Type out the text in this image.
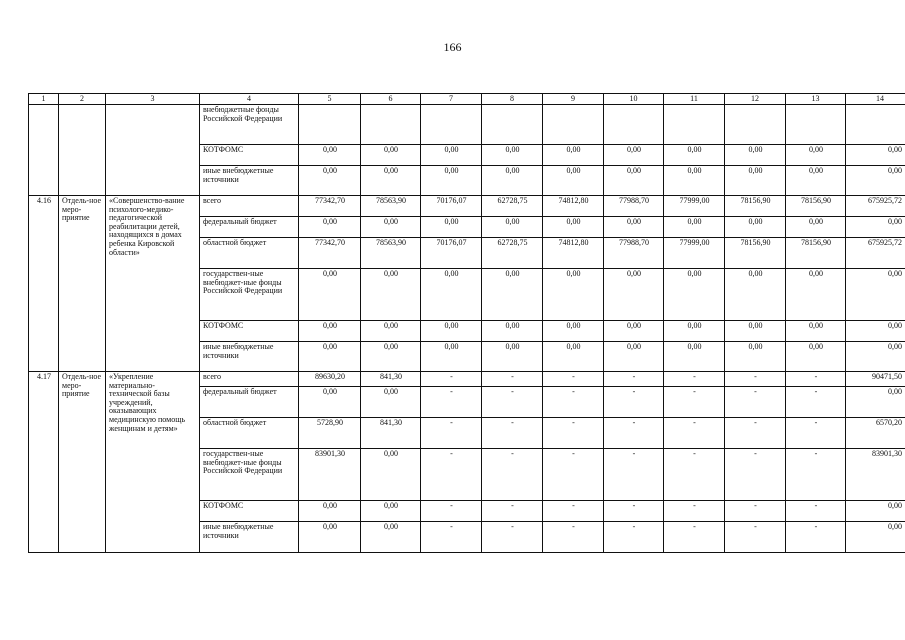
166
1	2	3	4	5	6	7	8	9	10	11	12	13	14
			внебюджетные фонды Российской Федерации										
			КОТФОМС	0,00	0,00	0,00	0,00	0,00	0,00	0,00	0,00	0,00	0,00
			иные внебюджетные источники	0,00	0,00	0,00	0,00	0,00	0,00	0,00	0,00	0,00	0,00
4.16	Отдель-ное меро-приятие	«Совершенство-вание психолого-медико-педагогической реабилитации детей, находящихся в домах ребенка Кировской области»	всего	77342,70	78563,90	70176,07	62728,75	74812,80	77988,70	77999,00	78156,90	78156,90	675925,72
			федеральный бюджет	0,00	0,00	0,00	0,00	0,00	0,00	0,00	0,00	0,00	0,00
			областной бюджет	77342,70	78563,90	70176,07	62728,75	74812,80	77988,70	77999,00	78156,90	78156,90	675925,72
			государствен-ные внебюджет-ные фонды Российской Федерации	0,00	0,00	0,00	0,00	0,00	0,00	0,00	0,00	0,00	0,00
			КОТФОМС	0,00	0,00	0,00	0,00	0,00	0,00	0,00	0,00	0,00	0,00
			иные внебюджетные источники	0,00	0,00	0,00	0,00	0,00	0,00	0,00	0,00	0,00	0,00
4.17	Отдель-ное меро-приятие	«Укрепление материально-технической базы учреждений, оказывающих медицинскую помощь женщинам и детям»	всего	89630,20	841,30	-	-	-	-	-	-	-	90471,50
			федеральный бюджет	0,00	0,00	-	-	-	-	-	-	-	0,00
			областной бюджет	5728,90	841,30	-	-	-	-	-	-	-	6570,20
			государствен-ные внебюджет-ные фонды Российской Федерации	83901,30	0,00	-	-	-	-	-	-	-	83901,30
			КОТФОМС	0,00	0,00	-	-	-	-	-	-	-	0,00
			иные внебюджетные источники	0,00	0,00	-	-	-	-	-	-	-	0,00
